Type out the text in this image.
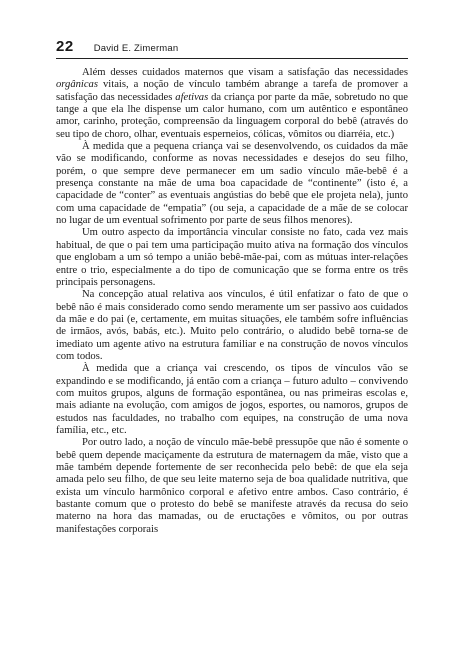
22 David E. Zimerman

Além desses cuidados maternos que visam a satisfação das necessidades orgânicas vitais, a noção de vínculo também abrange a tarefa de promover a satisfação das necessidades afetivas da criança por parte da mãe, sobretudo no que tange a que ela lhe dispense um calor humano, com um autêntico e espontâneo amor, carinho, proteção, compreensão da linguagem corporal do bebê (através do seu tipo de choro, olhar, eventuais esperneios, cólicas, vômitos ou diarréia, etc.)

À medida que a pequena criança vai se desenvolvendo, os cuidados da mãe vão se modificando, conforme as novas necessidades e desejos do seu filho, porém, o que sempre deve permanecer em um sadio vínculo mãe-bebê é a presença constante na mãe de uma boa capacidade de “continente” (isto é, a capacidade de “conter” as eventuais angústias do bebê que ele projeta nela), junto com uma capacidade de “empatia” (ou seja, a capacidade de a mãe de se colocar no lugar de um eventual sofrimento por parte de seus filhos menores).

Um outro aspecto da importância vincular consiste no fato, cada vez mais habitual, de que o pai tem uma participação muito ativa na formação dos vínculos que englobam a um só tempo a união bebê-mãe-pai, com as mútuas inter-relações entre o trio, especialmente a do tipo de comunicação que se forma entre os três principais personagens.

Na concepção atual relativa aos vínculos, é útil enfatizar o fato de que o bebê não é mais considerado como sendo meramente um ser passivo aos cuidados da mãe e do pai (e, certamente, em muitas situações, ele também sofre influências de irmãos, avós, babás, etc.). Muito pelo contrário, o aludido bebê torna-se de imediato um agente ativo na estrutura familiar e na construção de novos vínculos com todos.

À medida que a criança vai crescendo, os tipos de vínculos vão se expandindo e se modificando, já então com a criança – futuro adulto – convivendo com muitos grupos, alguns de formação espontânea, ou nas primeiras escolas e, mais adiante na evolução, com amigos de jogos, esportes, ou namoros, grupos de estudos nas faculdades, no trabalho com equipes, na construção de uma nova família, etc., etc.

Por outro lado, a noção de vínculo mãe-bebê pressupõe que não é somente o bebê quem depende maciçamente da estrutura de maternagem da mãe, visto que a mãe também depende fortemente de ser reconhecida pelo bebê: de que ela seja amada pelo seu filho, de que seu leite materno seja de boa qualidade nutritiva, que exista um vínculo harmônico corporal e afetivo entre ambos. Caso contrário, é bastante comum que o protesto do bebê se manifeste através da recusa do seio materno na hora das mamadas, ou de eructações e vômitos, ou por outras manifestações corporais
